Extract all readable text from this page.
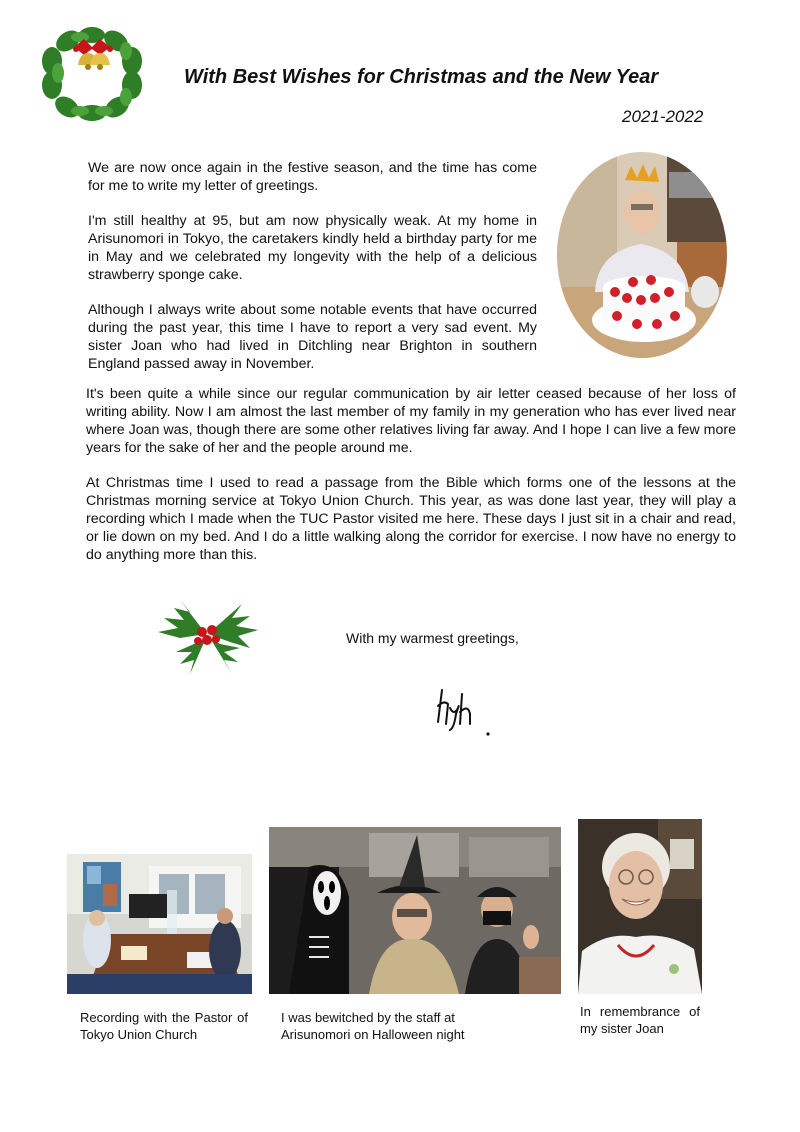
With Best Wishes for Christmas and the New Year
2021-2022

We are now once again in the festive season, and the time has come for me to write my letter of greetings.

I'm still healthy at 95, but am now physically weak. At my home in Arisunomori in Tokyo, the caretakers kindly held a birthday party for me in May and we celebrated my longevity with the help of a delicious strawberry sponge cake.

Although I always write about some notable events that have occurred during the past year, this time I have to report a very sad event. My sister Joan who had lived in Ditchling near Brighton in southern England passed away in November.

It's been quite a while since our regular communication by air letter ceased because of her loss of writing ability. Now I am almost the last member of my family in my generation who has ever lived near where Joan was, though there are some other relatives living far away. And I hope I can live a few more years for the sake of her and the people around me.

At Christmas time I used to read a passage from the Bible which forms one of the lessons at the Christmas morning service at Tokyo Union Church. This year, as was done last year, they will play a recording which I made when the TUC Pastor visited me here. These days I just sit in a chair and read, or lie down on my bed. And I do a little walking along the corridor for exercise. I now have no energy to do anything more than this.

With my warmest greetings,

Recording with the Pastor of Tokyo Union Church

I was bewitched by the staff at Arisunomori on Halloween night

In remembrance of my sister Joan
